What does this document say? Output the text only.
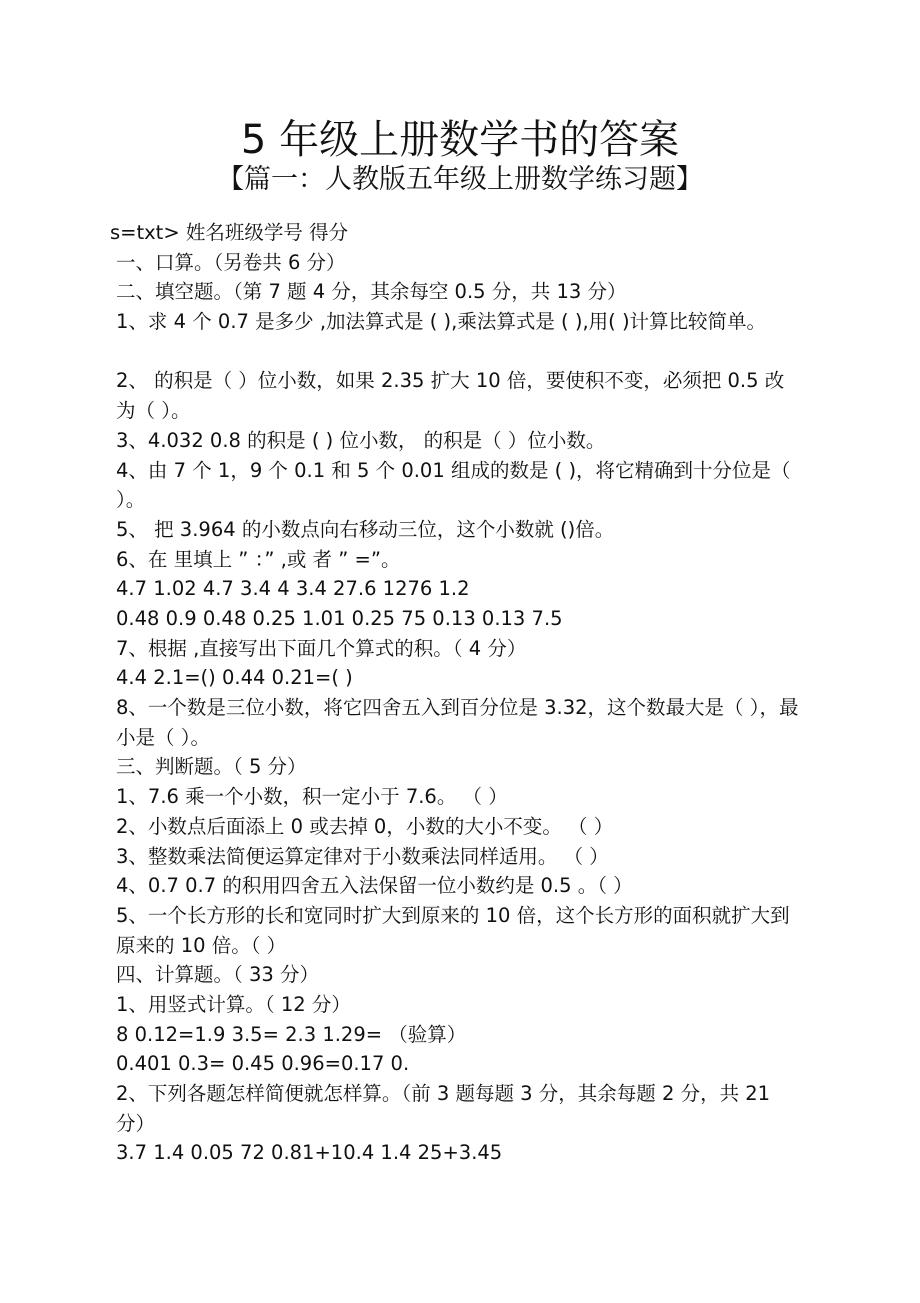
5 年级上册数学书的答案
【篇一：人教版五年级上册数学练习题】
s=txt> 姓名班级学号 得分
一、口算。（另卷共 6 分）
二、填空题。（第 7 题 4 分，其余每空 0.5 分，共 13 分）
1、求 4 个 0.7 是多少 ,加法算式是 ( ),乘法算式是 ( ),用( )计算比较简单。
2、 的积是（ ）位小数，如果 2.35 扩大 10 倍，要使积不变，必须把 0.5 改为（ ）。
3、4.032 0.8 的积是 ( ) 位小数， 的积是（ ）位小数。
4、由 7 个 1，9 个 0.1 和 5 个 0.01 组成的数是 ( )，将它精确到十分位是（ ）。
5、 把 3.964 的小数点向右移动三位，这个小数就 ()倍。
6、在 里填上 ” ：” ,或 者 ” =”。
4.7 1.02 4.7 3.4 4 3.4 27.6 1276 1.2
0.48 0.9 0.48 0.25 1.01 0.25 75 0.13 0.13 7.5
7、根据 ,直接写出下面几个算式的积。（ 4 分）
4.4 2.1=() 0.44 0.21=( )
8、一个数是三位小数，将它四舍五入到百分位是 3.32，这个数最大是（ ），最小是（ ）。
三、判断题。（ 5 分）
1、7.6 乘一个小数，积一定小于 7.6。 （ ）
2、小数点后面添上 0 或去掉 0，小数的大小不变。 （ ）
3、整数乘法简便运算定律对于小数乘法同样适用。 （ ）
4、0.7 0.7 的积用四舍五入法保留一位小数约是 0.5 。（ ）
5、一个长方形的长和宽同时扩大到原来的 10 倍，这个长方形的面积就扩大到原来的 10 倍。（ ）
四、计算题。（ 33 分）
1、用竖式计算。（ 12 分）
8 0.12=1.9 3.5= 2.3 1.29= （验算）
0.401 0.3= 0.45 0.96=0.17 0.
2、下列各题怎样简便就怎样算。（前 3 题每题 3 分，其余每题 2 分，共 21 分）
3.7 1.4 0.05 72 0.81+10.4 1.4 25+3.45
